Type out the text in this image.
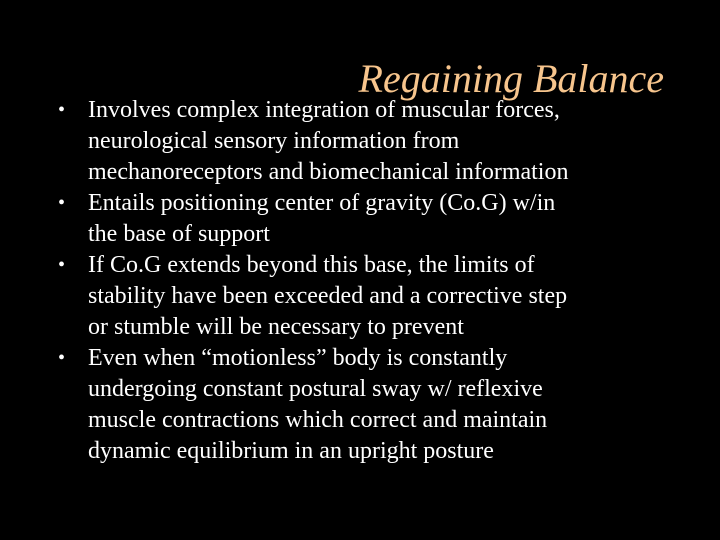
Regaining Balance
• Involves complex integration of muscular forces,
neurological sensory information from
mechanoreceptors and biomechanical information
• Entails positioning center of gravity (Co.G) w/in
the base of support
• If Co.G extends beyond this base, the limits of
stability have been exceeded and a corrective step
or stumble will be necessary to prevent
• Even when “motionless” body is constantly
undergoing constant postural sway w/ reflexive
muscle contractions which correct and maintain
dynamic equilibrium in an upright posture
